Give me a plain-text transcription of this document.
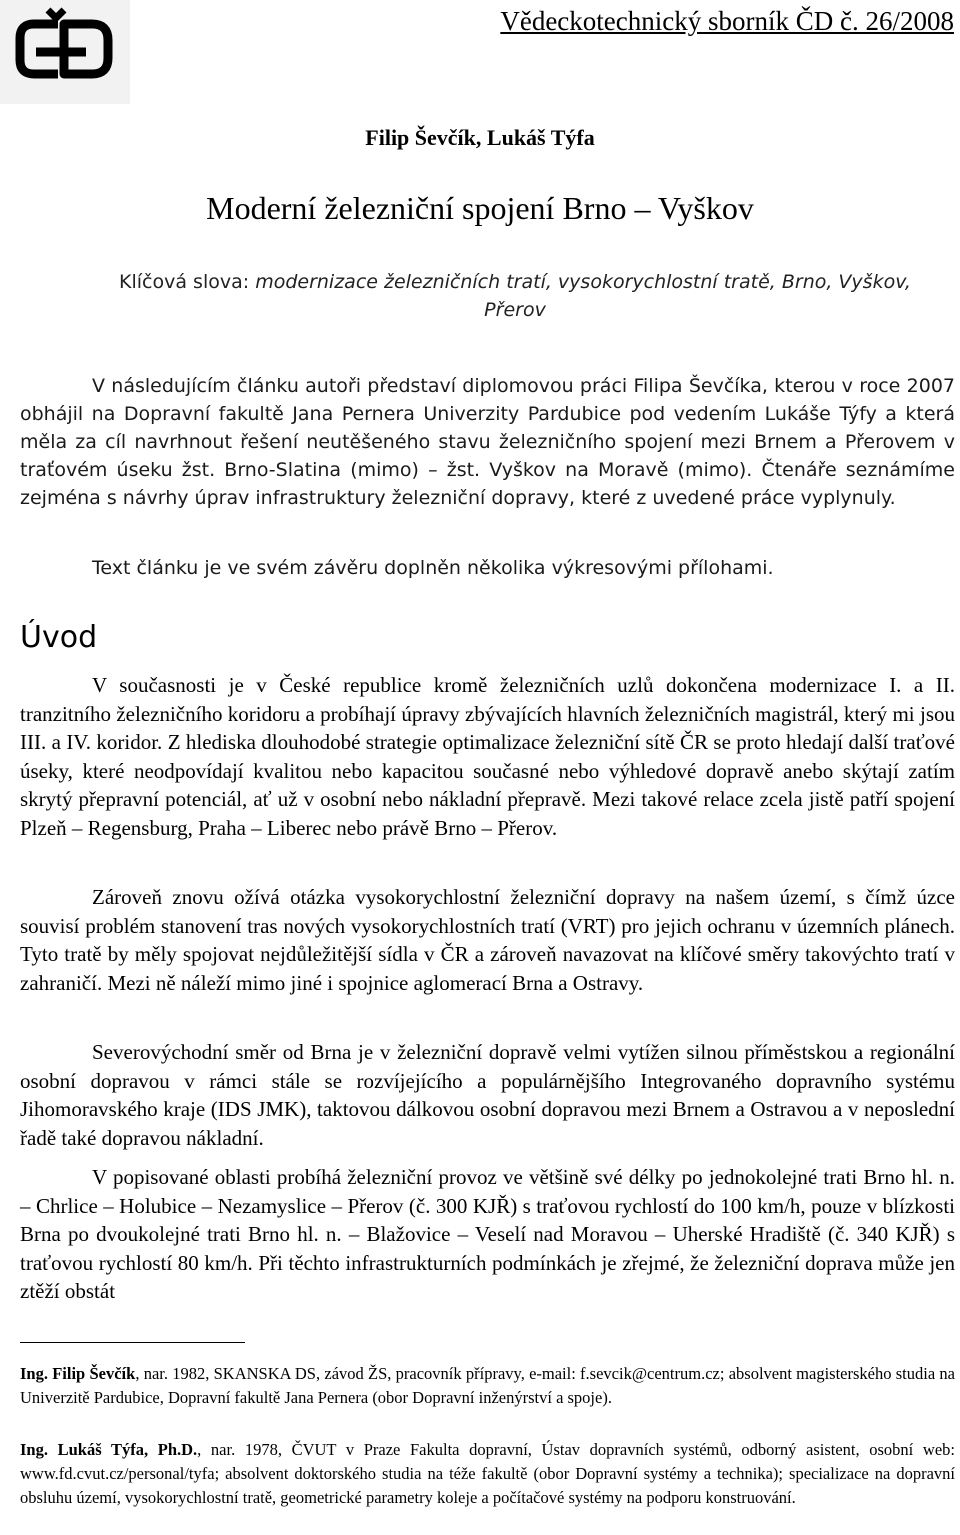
Vědeckotechnický sborník ČD č. 26/2008
Filip Ševčík, Lukáš Týfa
Moderní železniční spojení Brno – Vyškov
Klíčová slova: modernizace železničních tratí, vysokorychlostní tratě, Brno, Vyškov, Přerov
V následujícím článku autoři představí diplomovou práci Filipa Ševčíka, kterou v roce 2007 obhájil na Dopravní fakultě Jana Pernera Univerzity Pardubice pod vedením Lukáše Týfy a která měla za cíl navrhnout řešení neutěšeného stavu železničního spojení mezi Brnem a Přerovem v traťovém úseku žst. Brno-Slatina (mimo) – žst. Vyškov na Moravě (mimo). Čtenáře seznámíme zejména s návrhy úprav infrastruktury železniční dopravy, které z uvedené práce vyplynuly.
Text článku je ve svém závěru doplněn několika výkresovými přílohami.
Úvod

V současnosti je v České republice kromě železničních uzlů dokončena modernizace I. a II. tranzitního železničního koridoru a probíhají úpravy zbývajících hlavních železničních magistrál, který mi jsou III. a IV. koridor. Z hlediska dlouhodobé strategie optimalizace železniční sítě ČR se proto hledají další traťové úseky, které neodpovídají kvalitou nebo kapacitou současné nebo výhledové dopravě anebo skýtají zatím skrytý přepravní potenciál, ať už v osobní nebo nákladní přepravě. Mezi takové relace zcela jistě patří spojení Plzeň – Regensburg, Praha – Liberec nebo právě Brno – Přerov.

Zároveň znovu ožívá otázka vysokorychlostní železniční dopravy na našem území, s čímž úzce souvisí problém stanovení tras nových vysokorychlostních tratí (VRT) pro jejich ochranu v územních plánech. Tyto tratě by měly spojovat nejdůležitější sídla v ČR a zároveň navazovat na klíčové směry takovýchto tratí v zahraničí. Mezi ně náleží mimo jiné i spojnice aglomerací Brna a Ostravy.

Severovýchodní směr od Brna je v železniční dopravě velmi vytížen silnou příměstskou a regionální osobní dopravou v rámci stále se rozvíjejícího a populárnějšího Integrovaného dopravního systému Jihomoravského kraje (IDS JMK), taktovou dálkovou osobní dopravou mezi Brnem a Ostravou a v neposlední řadě také dopravou nákladní.

V popisované oblasti probíhá železniční provoz ve většině své délky po jednokolejné trati Brno hl. n. – Chrlice – Holubice – Nezamyslice – Přerov (č. 300 KJŘ) s traťovou rychlostí do 100 km/h, pouze v blízkosti Brna po dvoukolejné trati Brno hl. n. – Blažovice – Veselí nad Moravou – Uherské Hradiště (č. 340 KJŘ) s traťovou rychlostí 80 km/h. Při těchto infrastrukturních podmínkách je zřejmé, že železniční doprava může jen ztěží obstát

Ing. Filip Ševčík, nar. 1982, SKANSKA DS, závod ŽS, pracovník přípravy, e-mail: f.sevcik@centrum.cz; absolvent magisterského studia na Univerzitě Pardubice, Dopravní fakultě Jana Pernera (obor Dopravní inženýrství a spoje).
Ing. Lukáš Týfa, Ph.D., nar. 1978, ČVUT v Praze Fakulta dopravní, Ústav dopravních systémů, odborný asistent, osobní web: www.fd.cvut.cz/personal/tyfa; absolvent doktorského studia na téže fakultě (obor Dopravní systémy a technika); specializace na dopravní obsluhu území, vysokorychlostní tratě, geometrické parametry koleje a počítačové systémy na podporu konstruování.
